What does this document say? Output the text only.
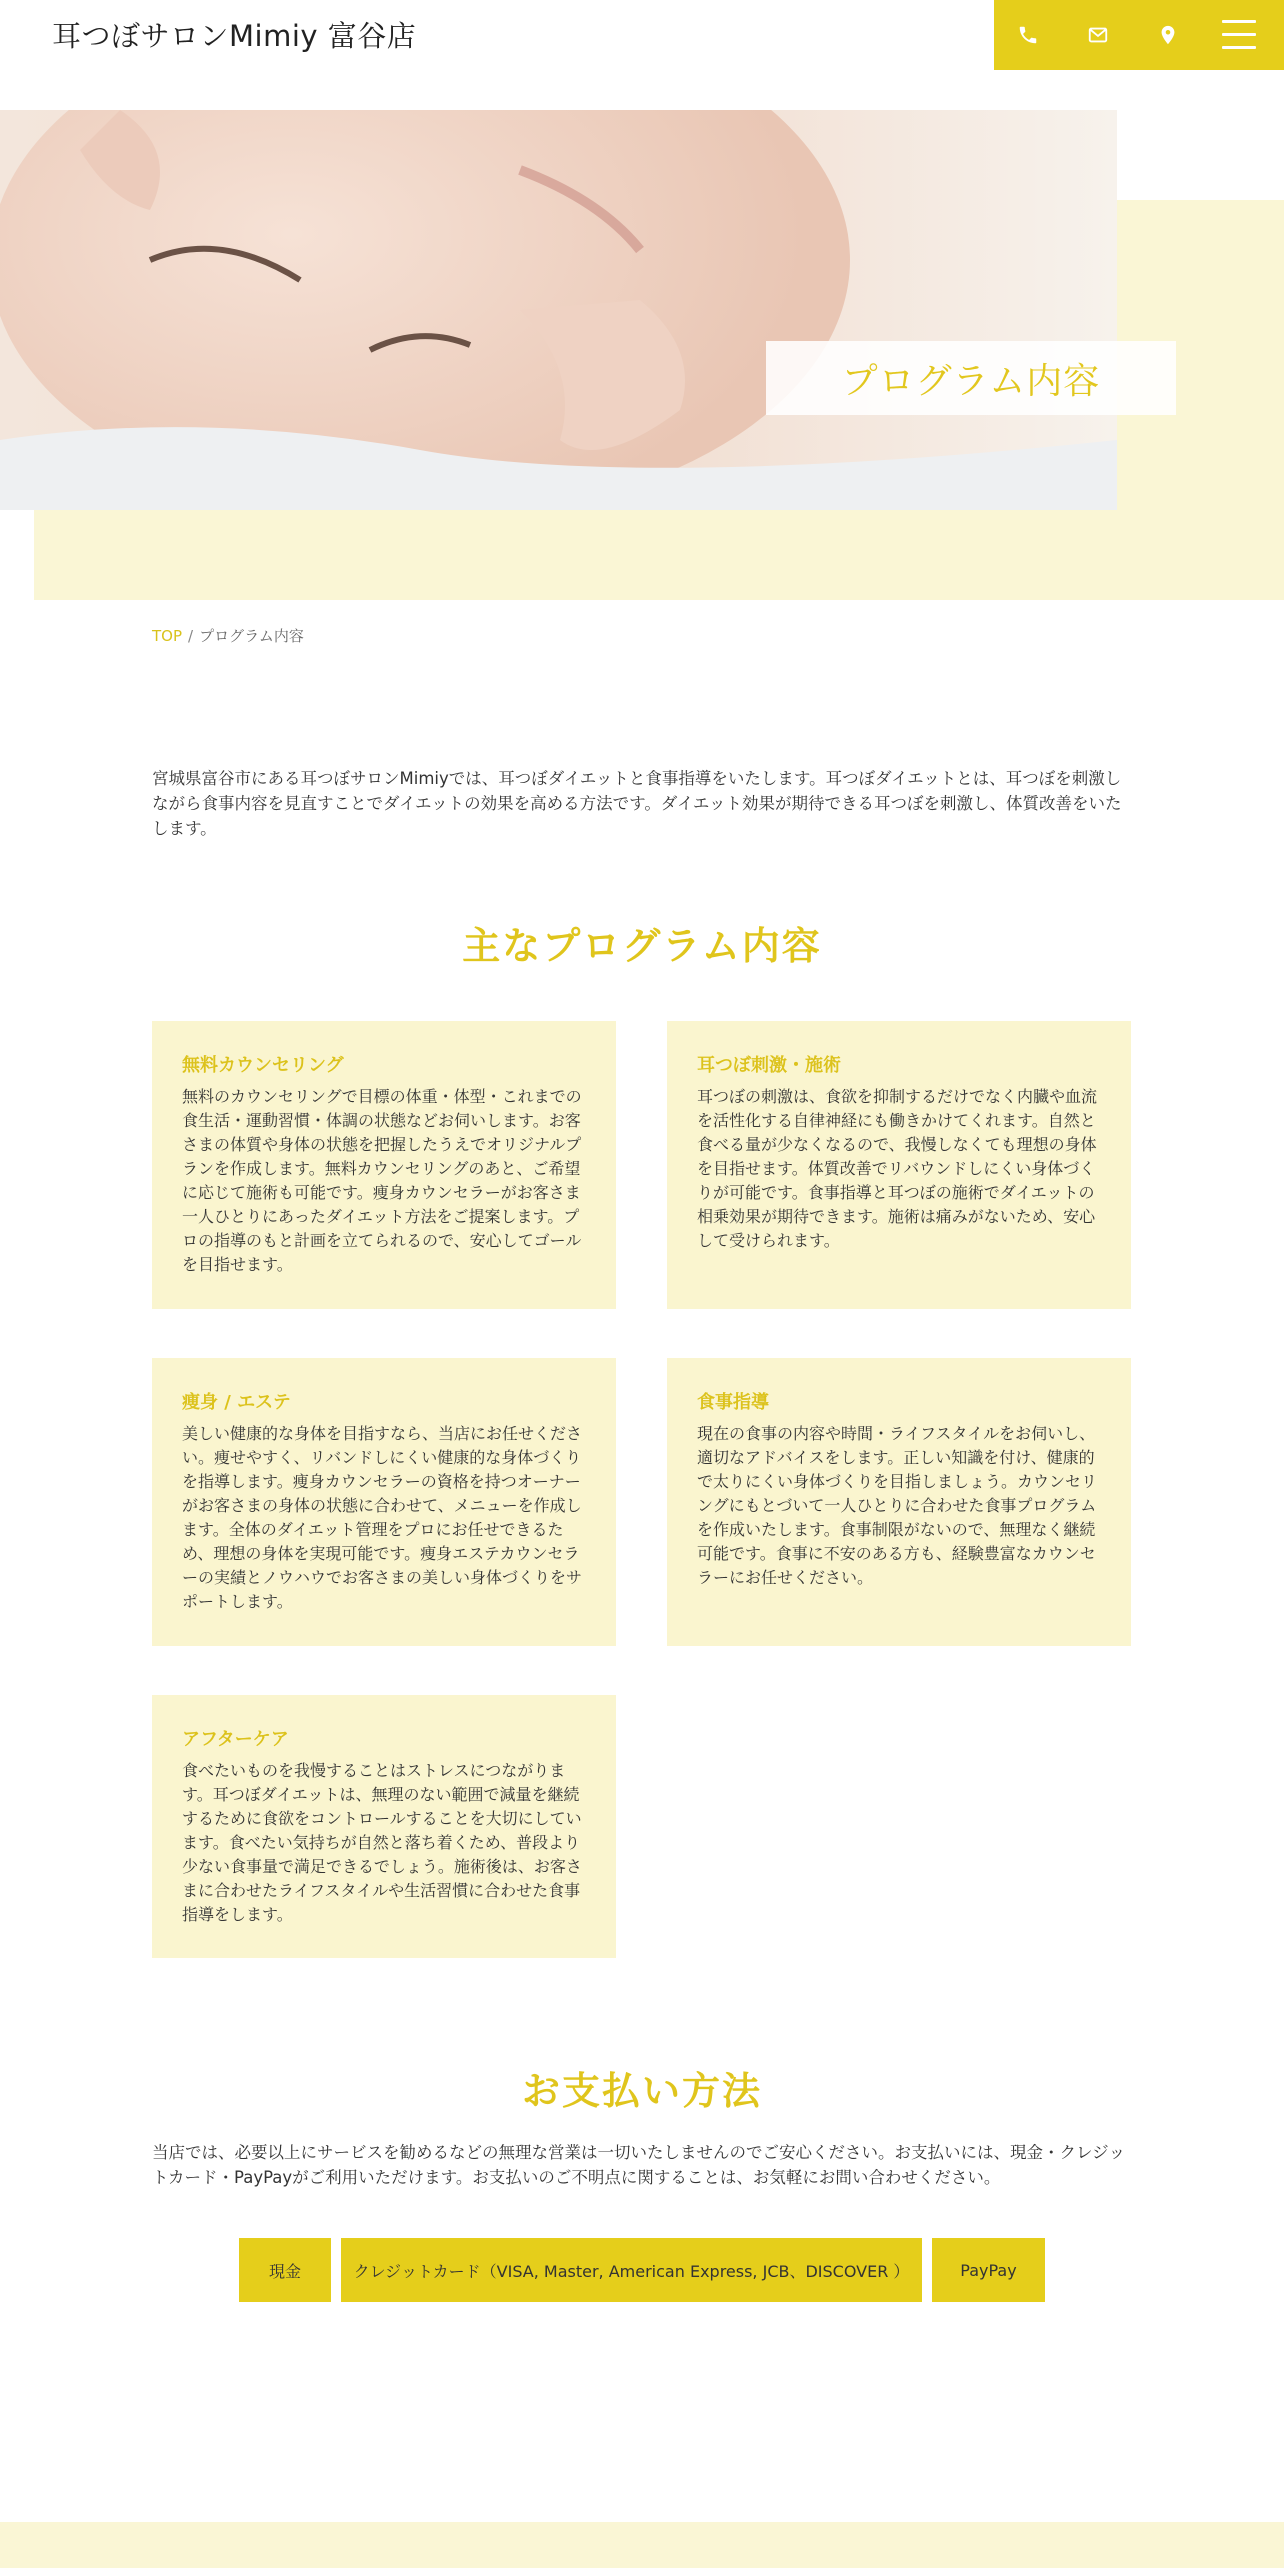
耳つぼサロンMimiy 富谷店
プログラム内容
TOP / プログラム内容

宮城県富谷市にある耳つぼサロンMimiyでは、耳つぼダイエットと食事指導をいたします。耳つぼダイエットとは、耳つぼを刺激しながら食事内容を見直すことでダイエットの効果を高める方法です。ダイエット効果が期待できる耳つぼを刺激し、体質改善をいたします。

主なプログラム内容
無料カウンセリング
無料のカウンセリングで目標の体重・体型・これまでの食生活・運動習慣・体調の状態などお伺いします。お客さまの体質や身体の状態を把握したうえでオリジナルプランを作成します。無料カウンセリングのあと、ご希望に応じて施術も可能です。痩身カウンセラーがお客さま一人ひとりにあったダイエット方法をご提案します。プロの指導のもと計画を立てられるので、安心してゴールを目指せます。
耳つぼ刺激・施術
耳つぼの刺激は、食欲を抑制するだけでなく内臓や血流を活性化する自律神経にも働きかけてくれます。自然と食べる量が少なくなるので、我慢しなくても理想の身体を目指せます。体質改善でリバウンドしにくい身体づくりが可能です。食事指導と耳つぼの施術でダイエットの相乗効果が期待できます。施術は痛みがないため、安心して受けられます。
痩身 / エステ
美しい健康的な身体を目指すなら、当店にお任せください。痩せやすく、リバンドしにくい健康的な身体づくりを指導します。痩身カウンセラーの資格を持つオーナーがお客さまの身体の状態に合わせて、メニューを作成します。全体のダイエット管理をプロにお任せできるため、理想の身体を実現可能です。痩身エステカウンセラーの実績とノウハウでお客さまの美しい身体づくりをサポートします。
食事指導
現在の食事の内容や時間・ライフスタイルをお伺いし、適切なアドバイスをします。正しい知識を付け、健康的で太りにくい身体づくりを目指しましょう。カウンセリングにもとづいて一人ひとりに合わせた食事プログラムを作成いたします。食事制限がないので、無理なく継続可能です。食事に不安のある方も、経験豊富なカウンセラーにお任せください。
アフターケア
食べたいものを我慢することはストレスにつながります。耳つぼダイエットは、無理のない範囲で減量を継続するために食欲をコントロールすることを大切にしています。食べたい気持ちが自然と落ち着くため、普段より少ない食事量で満足できるでしょう。施術後は、お客さまに合わせたライフスタイルや生活習慣に合わせた食事指導をします。
お支払い方法

当店では、必要以上にサービスを勧めるなどの無理な営業は一切いたしませんのでご安心ください。お支払いには、現金・クレジットカード・PayPayがご利用いただけます。お支払いのご不明点に関することは、お気軽にお問い合わせください。

現金	クレジットカード（VISA, Master, American Express, JCB、DISCOVER ）	PayPay
